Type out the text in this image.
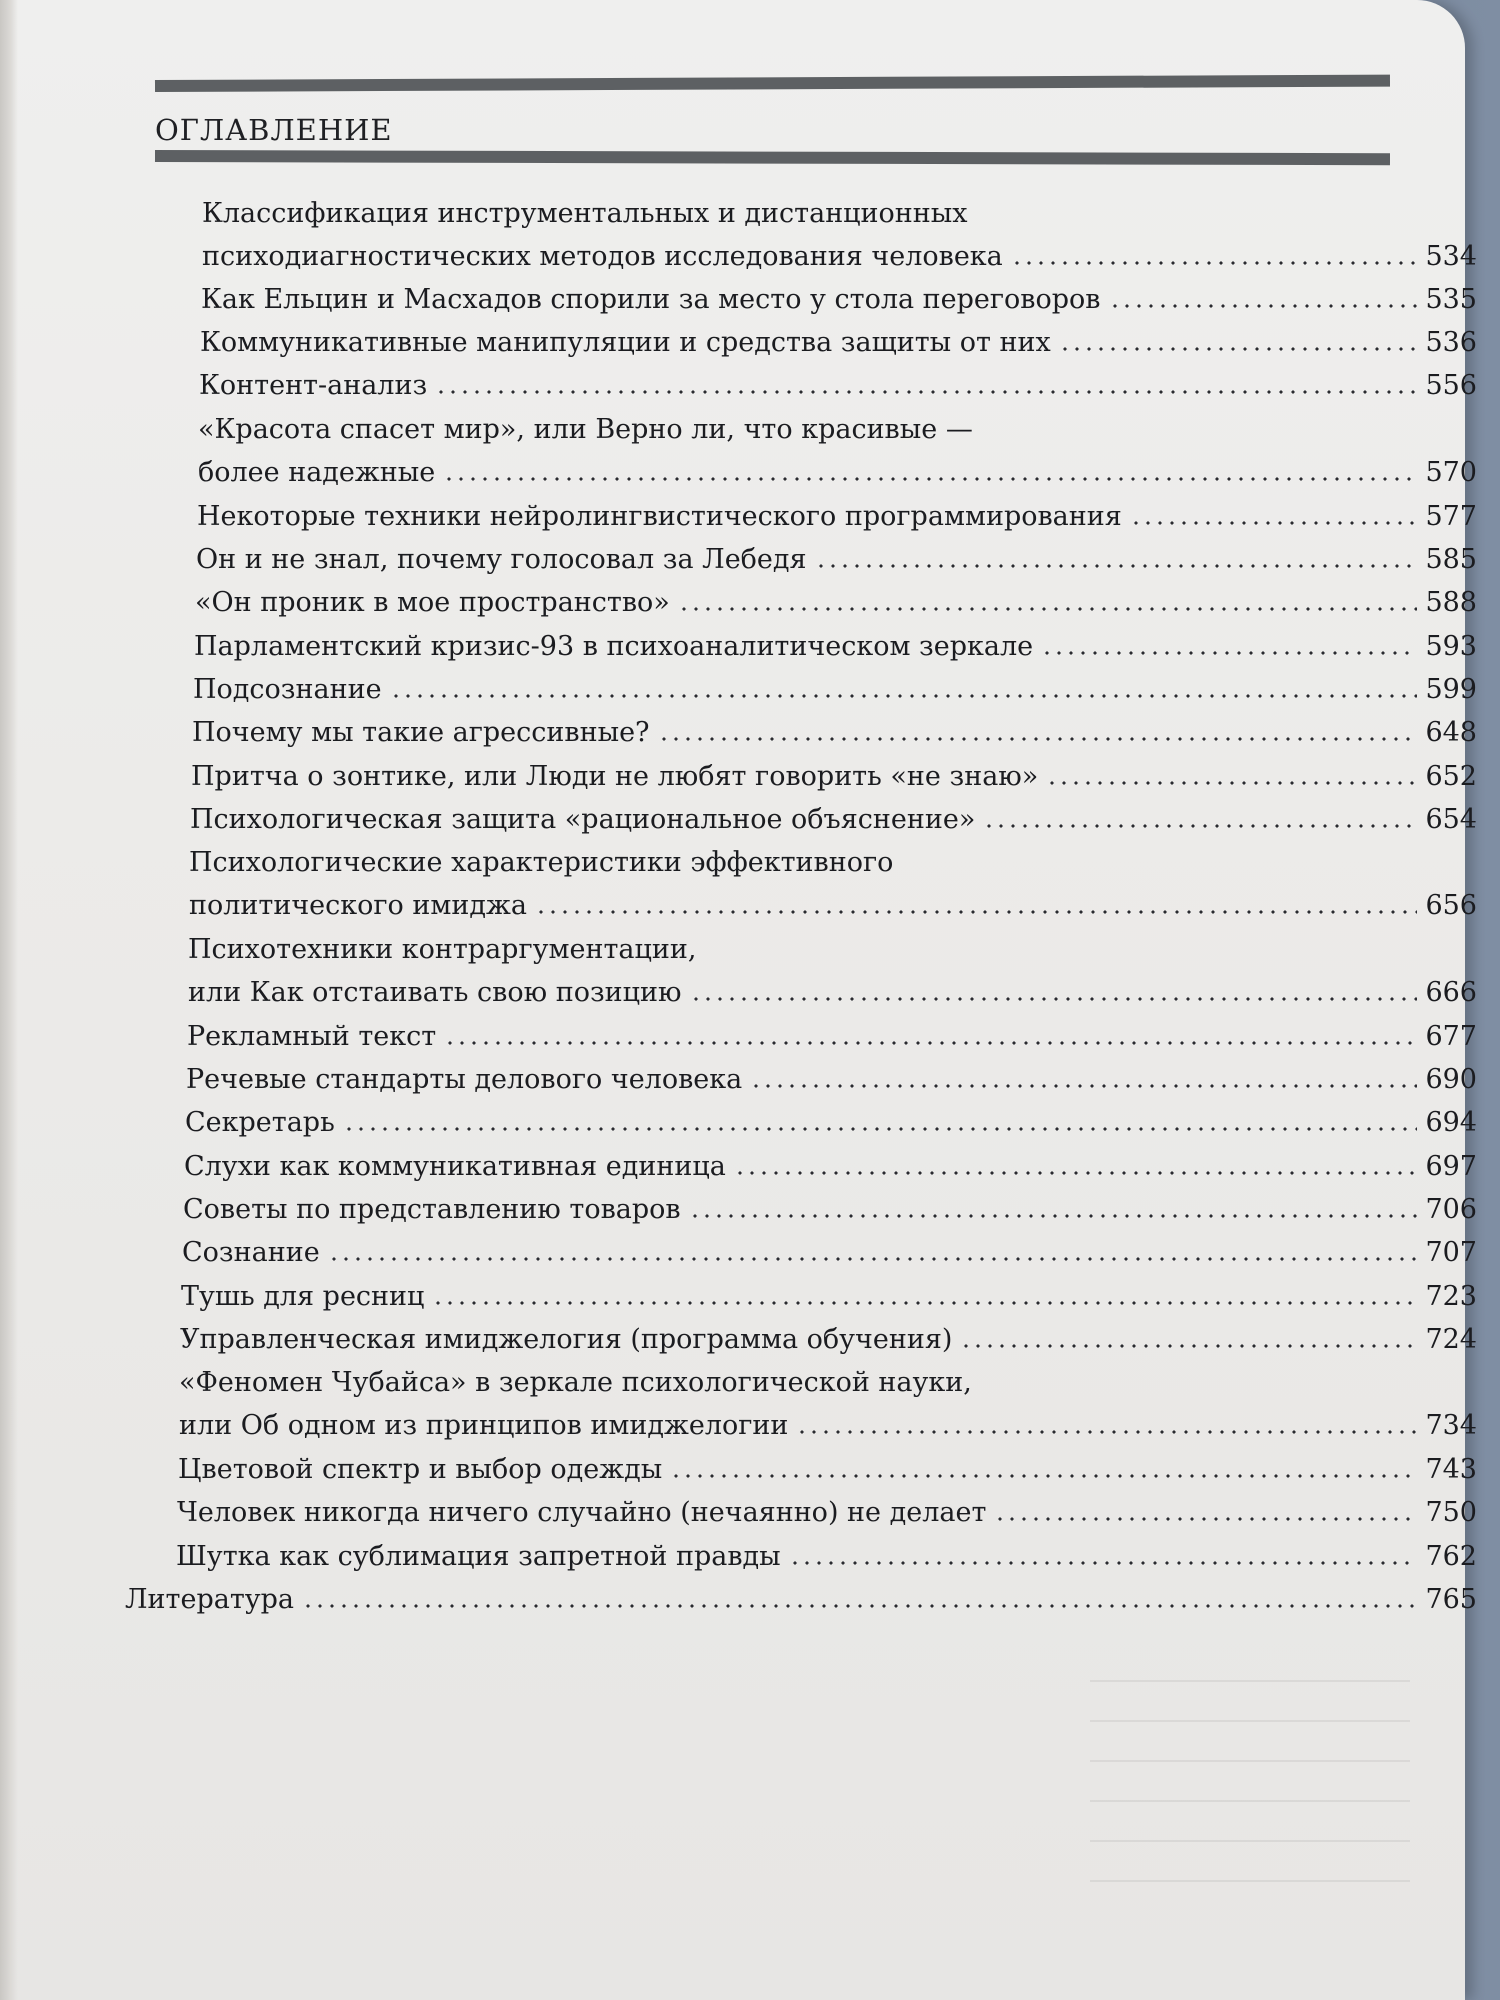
ОГЛАВЛЕНИЕ
Классификация инструментальных и дистанционных
психодиагностических методов исследования человека	534
Как Ельцин и Масхадов спорили за место у стола переговоров	535
Коммуникативные манипуляции и средства защиты от них	536
Контент-анализ	556
«Красота спасет мир», или Верно ли, что красивые —
более надежные	570
Некоторые техники нейролингвистического программирования	577
Он и не знал, почему голосовал за Лебедя	585
«Он проник в мое пространство»	588
Парламентский кризис-93 в психоаналитическом зеркале	593
Подсознание	599
Почему мы такие агрессивные?	648
Притча о зонтике, или Люди не любят говорить «не знаю»	652
Психологическая защита «рациональное объяснение»	654
Психологические характеристики эффективного
политического имиджа	656
Психотехники контраргументации,
или Как отстаивать свою позицию	666
Рекламный текст	677
Речевые стандарты делового человека	690
Секретарь	694
Слухи как коммуникативная единица	697
Советы по представлению товаров	706
Сознание	707
Тушь для ресниц	723
Управленческая имиджелогия (программа обучения)	724
«Феномен Чубайса» в зеркале психологической науки,
или Об одном из принципов имиджелогии	734
Цветовой спектр и выбор одежды	743
Человек никогда ничего случайно (нечаянно) не делает	750
Шутка как сублимация запретной правды	762
Литература	765
